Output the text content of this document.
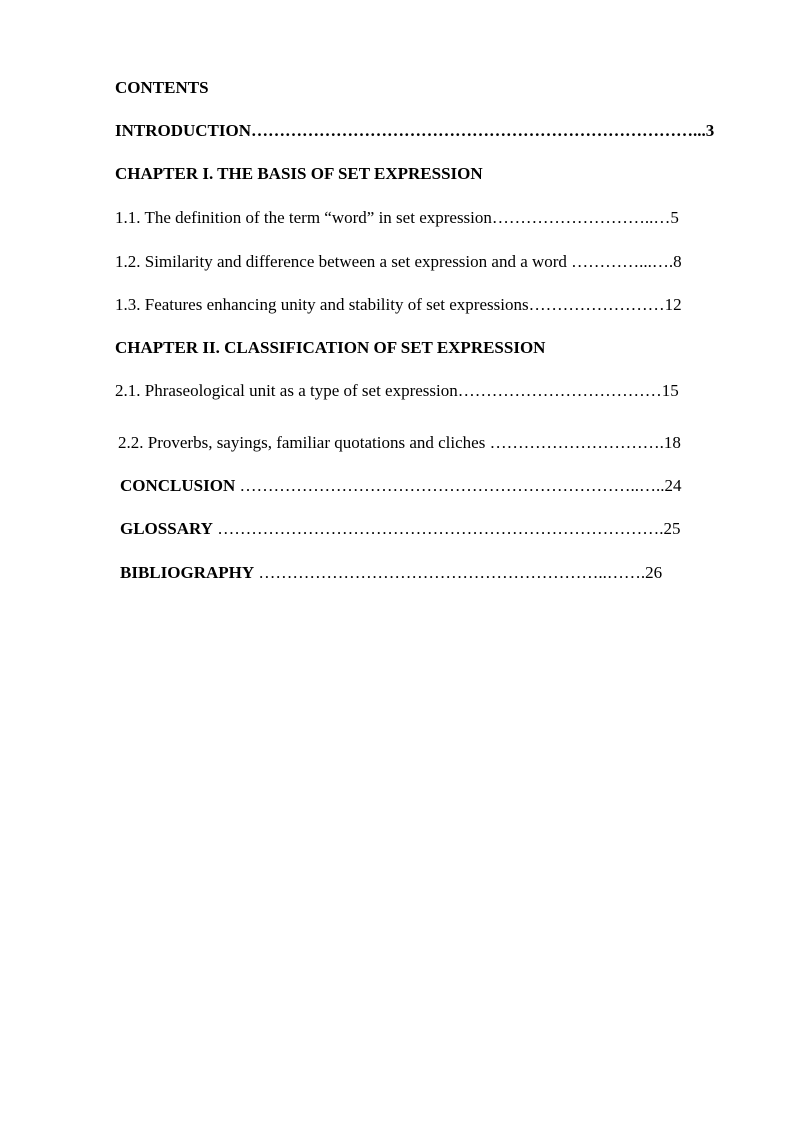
CONTENTS
INTRODUCTION……………………………………………………………………...3
CHAPTER I. THE BASIS OF SET EXPRESSION
1.1. The definition of the term “word” in set expression………………………..…5
1.2. Similarity and difference between a set expression and a word …………...….8
1.3. Features enhancing unity and stability of set expressions……………………12
CHAPTER II. CLASSIFICATION OF SET EXPRESSION
2.1. Phraseological unit as a type of set expression………………………………15
2.2. Proverbs, sayings, familiar quotations and cliches ………………………….18
CONCLUSION ……………………………………………………………..…..24
GLOSSARY …………………………………………………………………….25
BIBLIOGRAPHY ……………………………………………………..…….26
